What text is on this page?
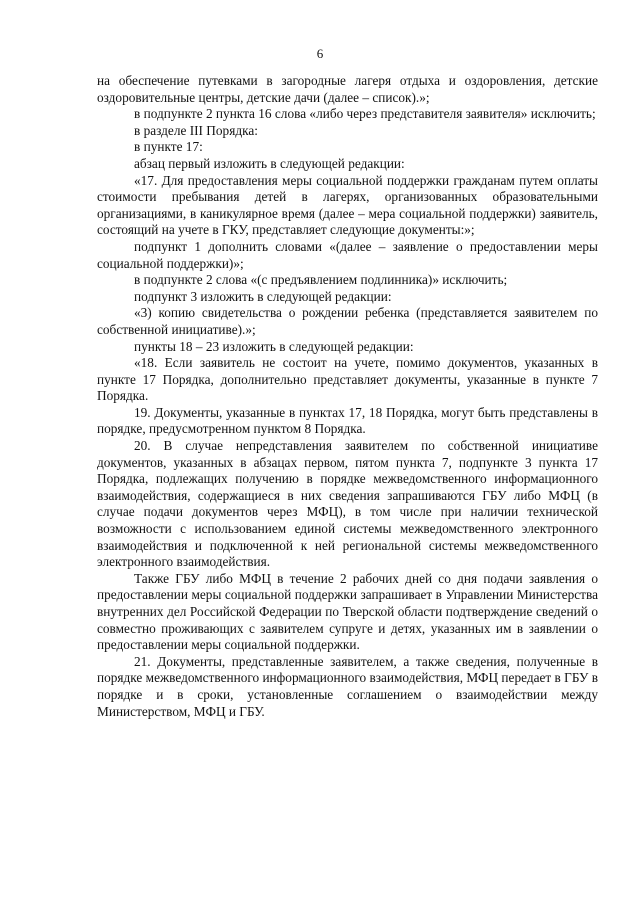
6

на обеспечение путевками в загородные лагеря отдыха и оздоровления, детские оздоровительные центры, детские дачи (далее – список).»;

в подпункте 2 пункта 16 слова «либо через представителя заявителя» исключить;

в разделе III Порядка:

в пункте 17:

абзац первый изложить в следующей редакции:

«17. Для предоставления меры социальной поддержки гражданам путем оплаты стоимости пребывания детей в лагерях, организованных образовательными организациями, в каникулярное время (далее – мера социальной поддержки) заявитель, состоящий на учете в ГКУ, представляет следующие документы:»;

подпункт 1 дополнить словами «(далее – заявление о предоставлении меры социальной поддержки)»;

в подпункте 2 слова «(с предъявлением подлинника)» исключить;

подпункт 3 изложить в следующей редакции:

«3) копию свидетельства о рождении ребенка (представляется заявителем по собственной инициативе).»;

пункты 18 – 23 изложить в следующей редакции:

«18. Если заявитель не состоит на учете, помимо документов, указанных в пункте 17 Порядка, дополнительно представляет документы, указанные в пункте 7 Порядка.

19. Документы, указанные в пунктах 17, 18 Порядка, могут быть представлены в порядке, предусмотренном пунктом 8 Порядка.

20. В случае непредставления заявителем по собственной инициативе документов, указанных в абзацах первом, пятом пункта 7, подпункте 3 пункта 17 Порядка, подлежащих получению в порядке межведомственного информационного взаимодействия, содержащиеся в них сведения запрашиваются ГБУ либо МФЦ (в случае подачи документов через МФЦ), в том числе при наличии технической возможности с использованием единой системы межведомственного электронного взаимодействия и подключенной к ней региональной системы межведомственного электронного взаимодействия.

Также ГБУ либо МФЦ в течение 2 рабочих дней со дня подачи заявления о предоставлении меры социальной поддержки запрашивает в Управлении Министерства внутренних дел Российской Федерации по Тверской области подтверждение сведений о совместно проживающих с заявителем супруге и детях, указанных им в заявлении о предоставлении меры социальной поддержки.

21. Документы, представленные заявителем, а также сведения, полученные в порядке межведомственного информационного взаимодействия, МФЦ передает в ГБУ в порядке и в сроки, установленные соглашением о взаимодействии между Министерством, МФЦ и ГБУ.
